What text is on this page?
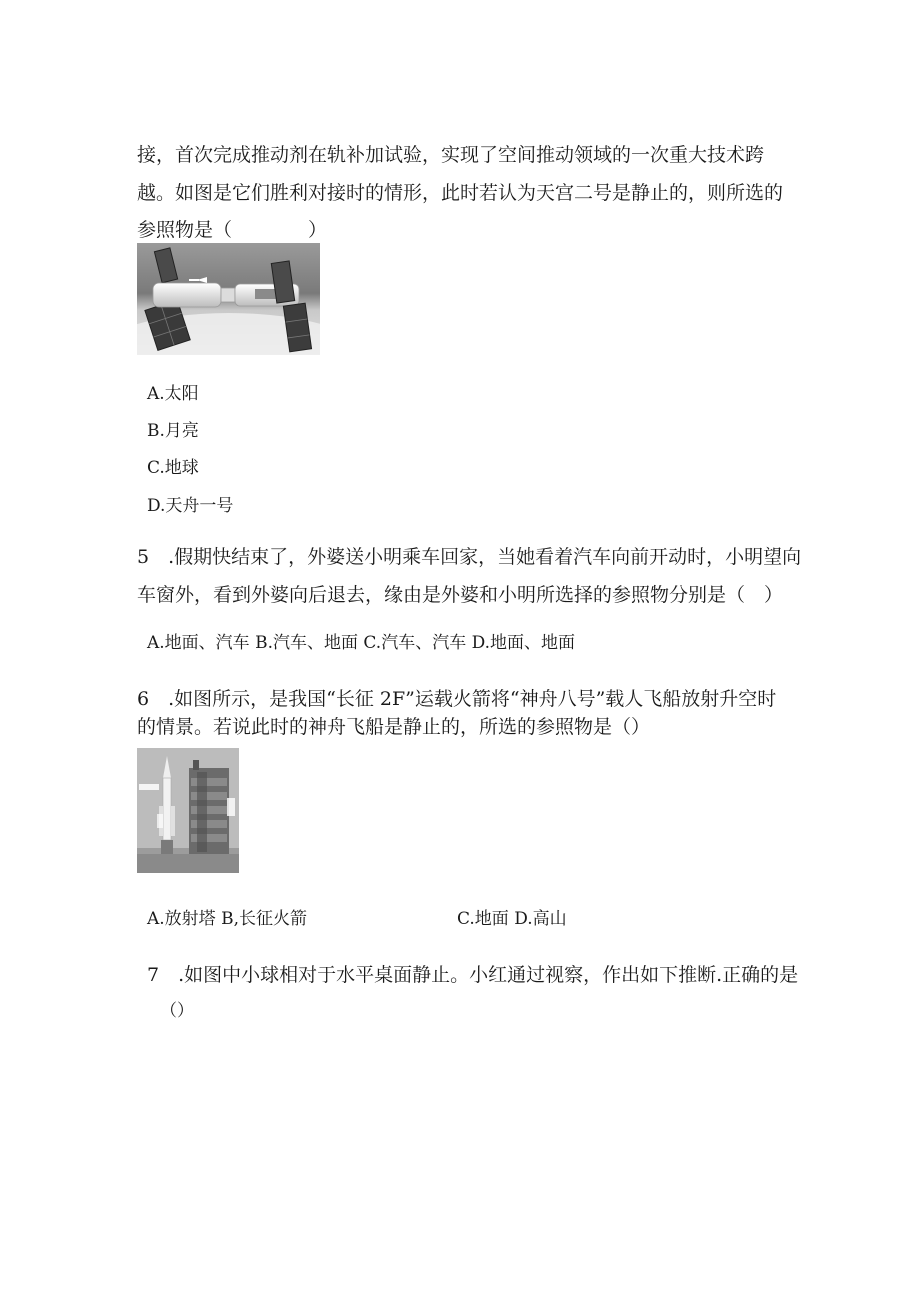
接，首次完成推动剂在轨补加试验，实现了空间推动领域的一次重大技术跨
越。如图是它们胜利对接时的情形，此时若认为天宫二号是静止的，则所选的
参照物是（　　　　）
A.太阳
B.月亮
C.地球
D.天舟一号
5　.假期快结束了，外婆送小明乘车回家，当她看着汽车向前开动时，小明望向
车窗外，看到外婆向后退去，缘由是外婆和小明所选择的参照物分别是（　）
A.地面、汽车 B.汽车、地面 C.汽车、汽车 D.地面、地面
6　.如图所示，是我国“长征 2F”运载火箭将“神舟八号”载人飞船放射升空时
的情景。若说此时的神舟飞船是静止的，所选的参照物是（）
A.放射塔 B,长征火箭	C.地面 D.高山
7　.如图中小球相对于水平桌面静止。小红通过视察，作出如下推断.正确的是
（）
